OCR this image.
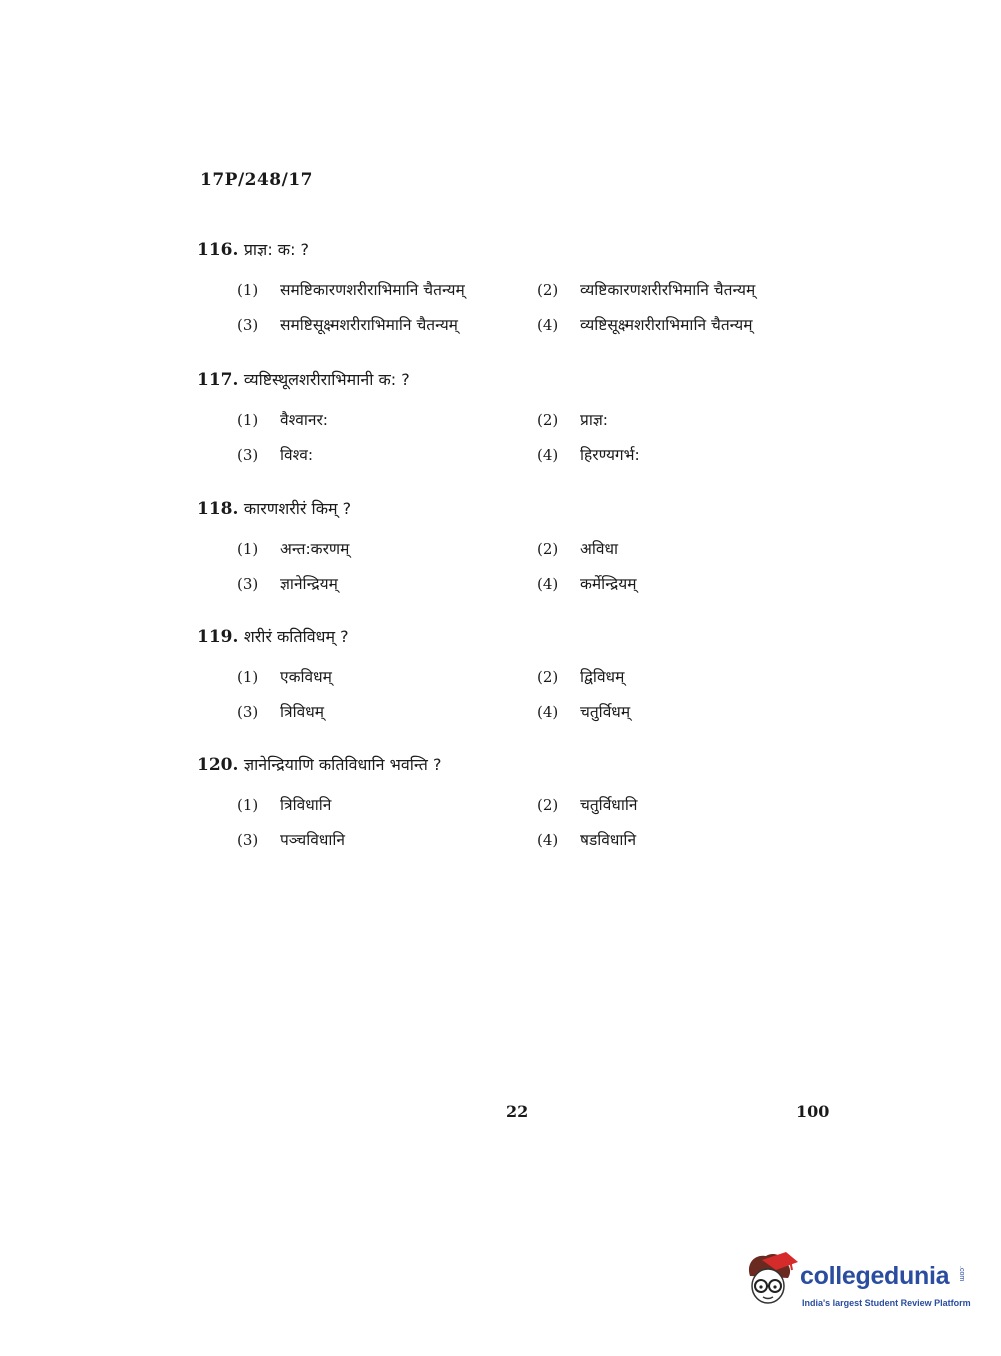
17P/248/17
116. प्राज्ञ: क: ?
(1) समष्टिकारणशरीराभिमानि चैतन्यम्	(2) व्यष्टिकारणशरीरभिमानि चैतन्यम्
(3) समष्टिसूक्ष्मशरीराभिमानि चैतन्यम्	(4) व्यष्टिसूक्ष्मशरीराभिमानि चैतन्यम्
117. व्यष्टिस्थूलशरीराभिमानी क: ?
(1) वैश्वानर:	(2) प्राज्ञ:
(3) विश्व:	(4) हिरण्यगर्भ:
118. कारणशरीरं किम् ?
(1) अन्त:करणम्	(2) अविधा
(3) ज्ञानेन्द्रियम्	(4) कर्मेन्द्रियम्
119. शरीरं कतिविधम् ?
(1) एकविधम्	(2) द्विविधम्
(3) त्रिविधम्	(4) चतुर्विधम्
120. ज्ञानेन्द्रियाणि कतिविधानि भवन्ति ?
(1) त्रिविधानि	(2) चतुर्विधानि
(3) पञ्चविधानि	(4) षडविधानि
22	100
collegedunia .com
India's largest Student Review Platform
